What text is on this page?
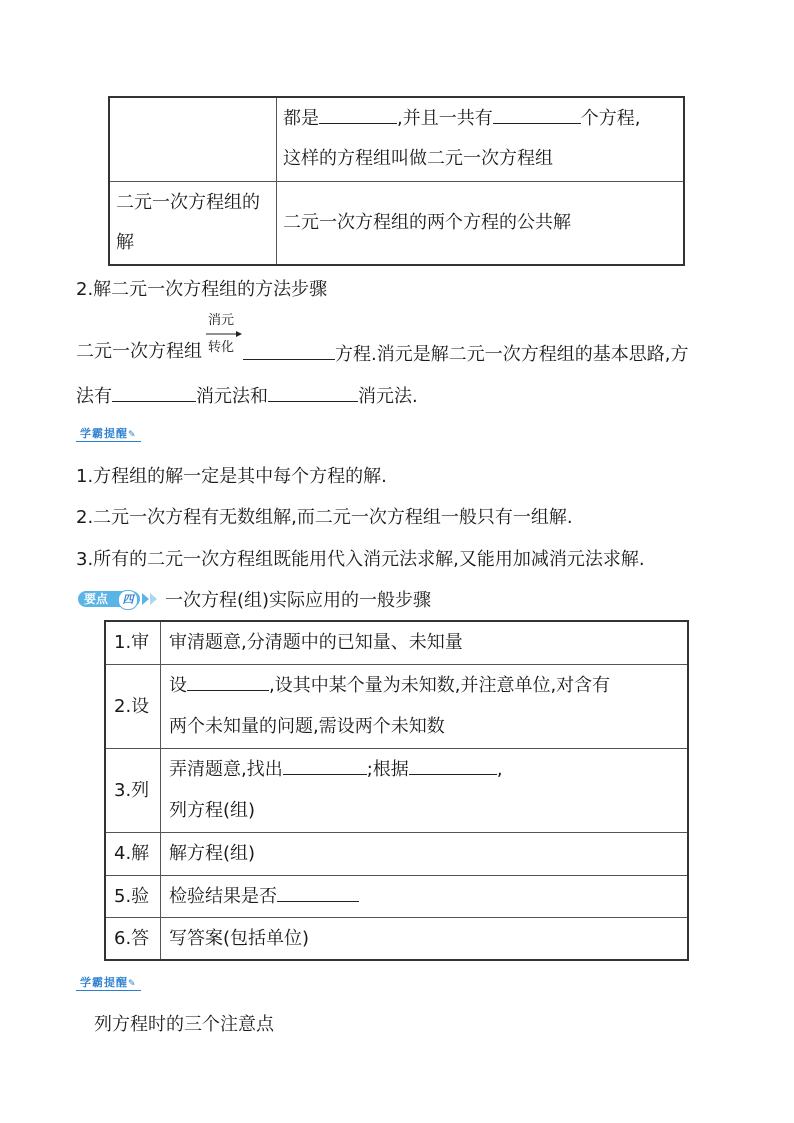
	都是 ,并且一共有 个方程,
这样的方程组叫做二元一次方程组

二元一次方程组的解	二元一次方程组的两个方程的公共解
2.解二元一次方程组的方法步骤
消元
转化
二元一次方程组	方程.消元是解二元一次方程组的基本思路,方
法有	消元法和	消元法.
学霸提醒✎
1.方程组的解一定是其中每个方程的解.
2.二元一次方程有无数组解,而二元一次方程组一般只有一组解.
3.所有的二元一次方程组既能用代入消元法求解,又能用加减消元法求解.
要点	四 一次方程(组)实际应用的一般步骤
1.审	审清题意,分清题中的已知量、未知量
2.设	设 ,设其中某个量为未知数,并注意单位,对含有
两个未知量的问题,需设两个未知数

3.列	弄清题意,找出 ;根据 ,
列方程(组)

4.解	解方程(组)
5.验	检验结果是否
6.答	写答案(包括单位)
学霸提醒✎
列方程时的三个注意点
